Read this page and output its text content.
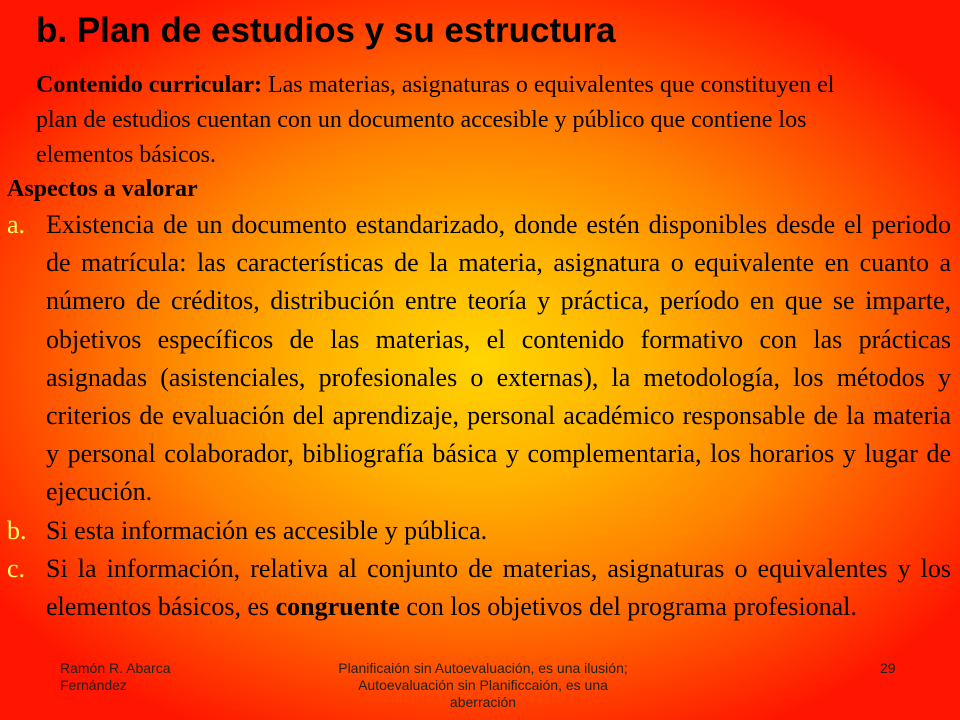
b. Plan de estudios y su estructura

Contenido curricular: Las materias, asignaturas o equivalentes que constituyen el plan de estudios cuentan con un documento accesible y público que contiene los elementos básicos.

Aspectos a valorar
a. Existencia de un documento estandarizado, donde estén disponibles desde el periodo de matrícula: las características de la materia, asignatura o equivalente en cuanto a número de créditos, distribución entre teoría y práctica, período en que se imparte, objetivos específicos de las materias, el contenido formativo con las prácticas asignadas (asistenciales, profesionales o externas), la metodología, los métodos y criterios de evaluación del aprendizaje, personal académico responsable de la materia y personal colaborador, bibliografía básica y complementaria, los horarios y lugar de ejecución.
b. Si esta información es accesible y pública.
c. Si la información, relativa al conjunto de materias, asignaturas o equivalentes y los elementos básicos, es congruente con los objetivos del programa profesional.
Ramón R. Abarca Fernández
Planificaión sin Autoevaluación, es una ilusión; Autoevaluación sin Planificcaión, es una aberración
29
